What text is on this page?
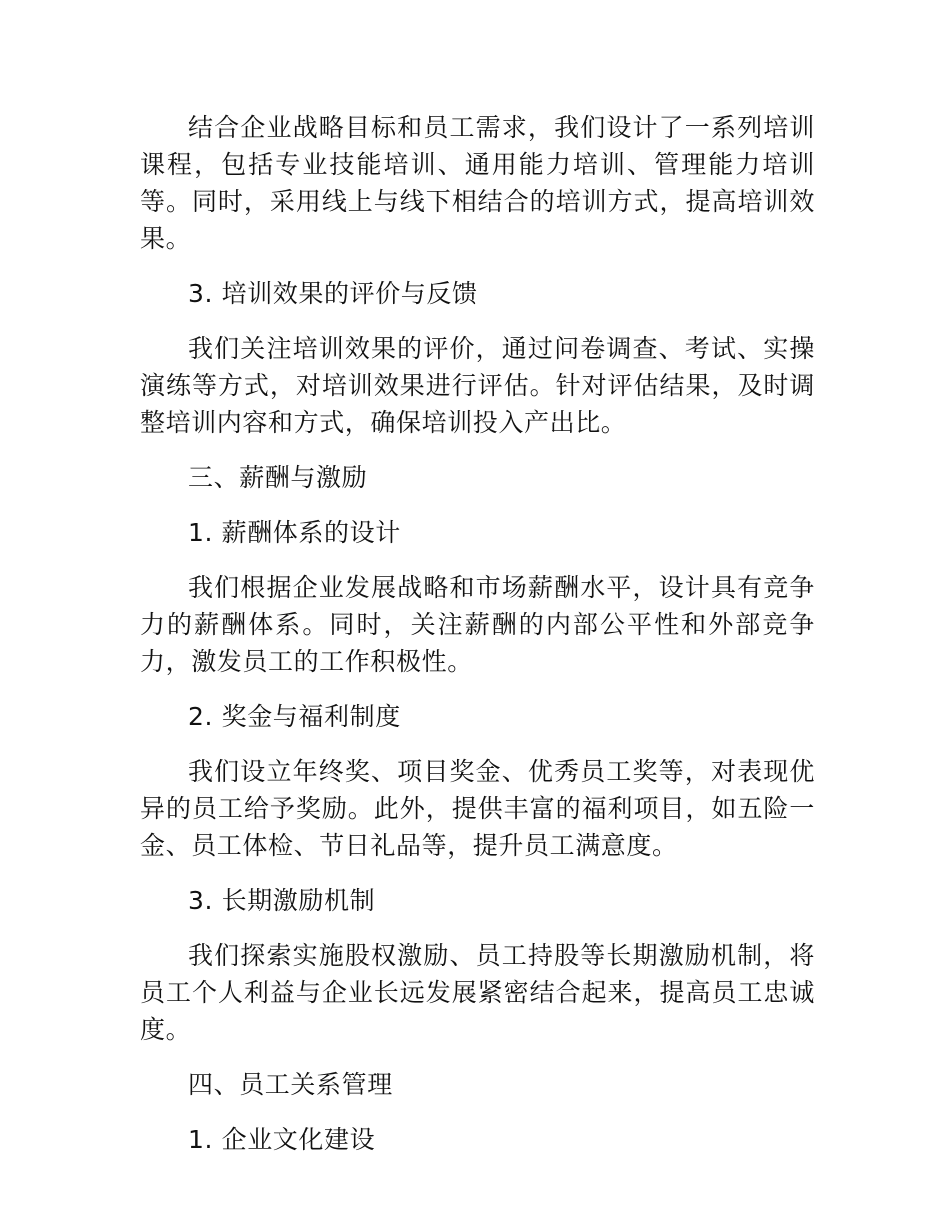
结合企业战略目标和员工需求，我们设计了一系列培训课程，包括专业技能培训、通用能力培训、管理能力培训等。同时，采用线上与线下相结合的培训方式，提高培训效果。

3. 培训效果的评价与反馈

我们关注培训效果的评价，通过问卷调查、考试、实操演练等方式，对培训效果进行评估。针对评估结果，及时调整培训内容和方式，确保培训投入产出比。

三、薪酬与激励

1. 薪酬体系的设计

我们根据企业发展战略和市场薪酬水平，设计具有竞争力的薪酬体系。同时，关注薪酬的内部公平性和外部竞争力，激发员工的工作积极性。

2. 奖金与福利制度

我们设立年终奖、项目奖金、优秀员工奖等，对表现优异的员工给予奖励。此外，提供丰富的福利项目，如五险一金、员工体检、节日礼品等，提升员工满意度。

3. 长期激励机制

我们探索实施股权激励、员工持股等长期激励机制，将员工个人利益与企业长远发展紧密结合起来，提高员工忠诚度。

四、员工关系管理

1. 企业文化建设
